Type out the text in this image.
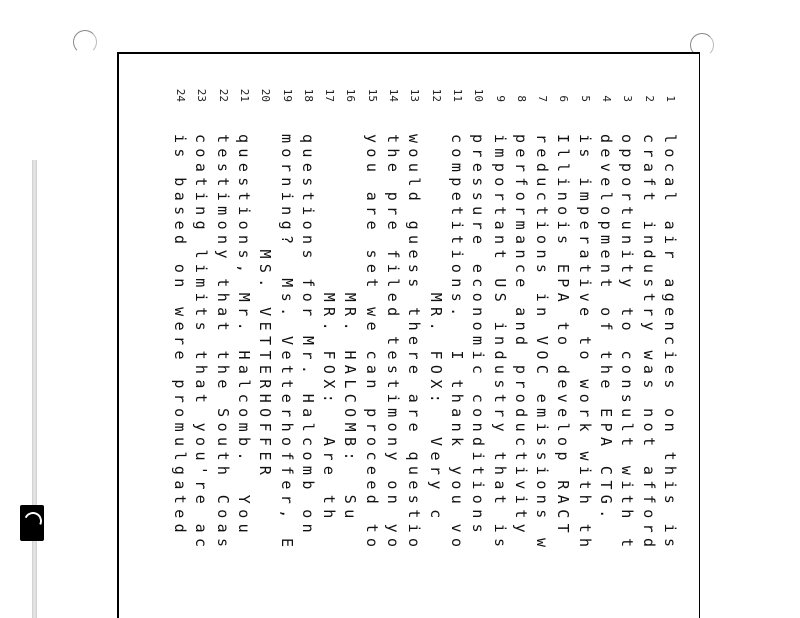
1
local air agencies on this is
2
craft industry was not afford
3
opportunity to consult with t
4
development of the EPA CTG.
5
is imperative to work with th
6
Illinois EPA to develop RACT
7
reductions in VOC emissions w
8
performance and productivity
9
important US industry that is
10
pressure economic conditions
11
competitions.  I thank you vo
12
MR. FOX:  Very c
13
would guess there are questio
14
the pre filed testimony on yo
15
you are set we can proceed to
16
MR. HALCOMB:  Su
17
MR. FOX:  Are th
18
questions for Mr. Halcomb on
19
morning?  Ms. Vetterhoffer, E
20
MS. VETTERHOFFER
21
questions, Mr. Halcomb.  You
22
testimony that the South Coas
23
coating limits that you're ac
24
is based on were promulgated
